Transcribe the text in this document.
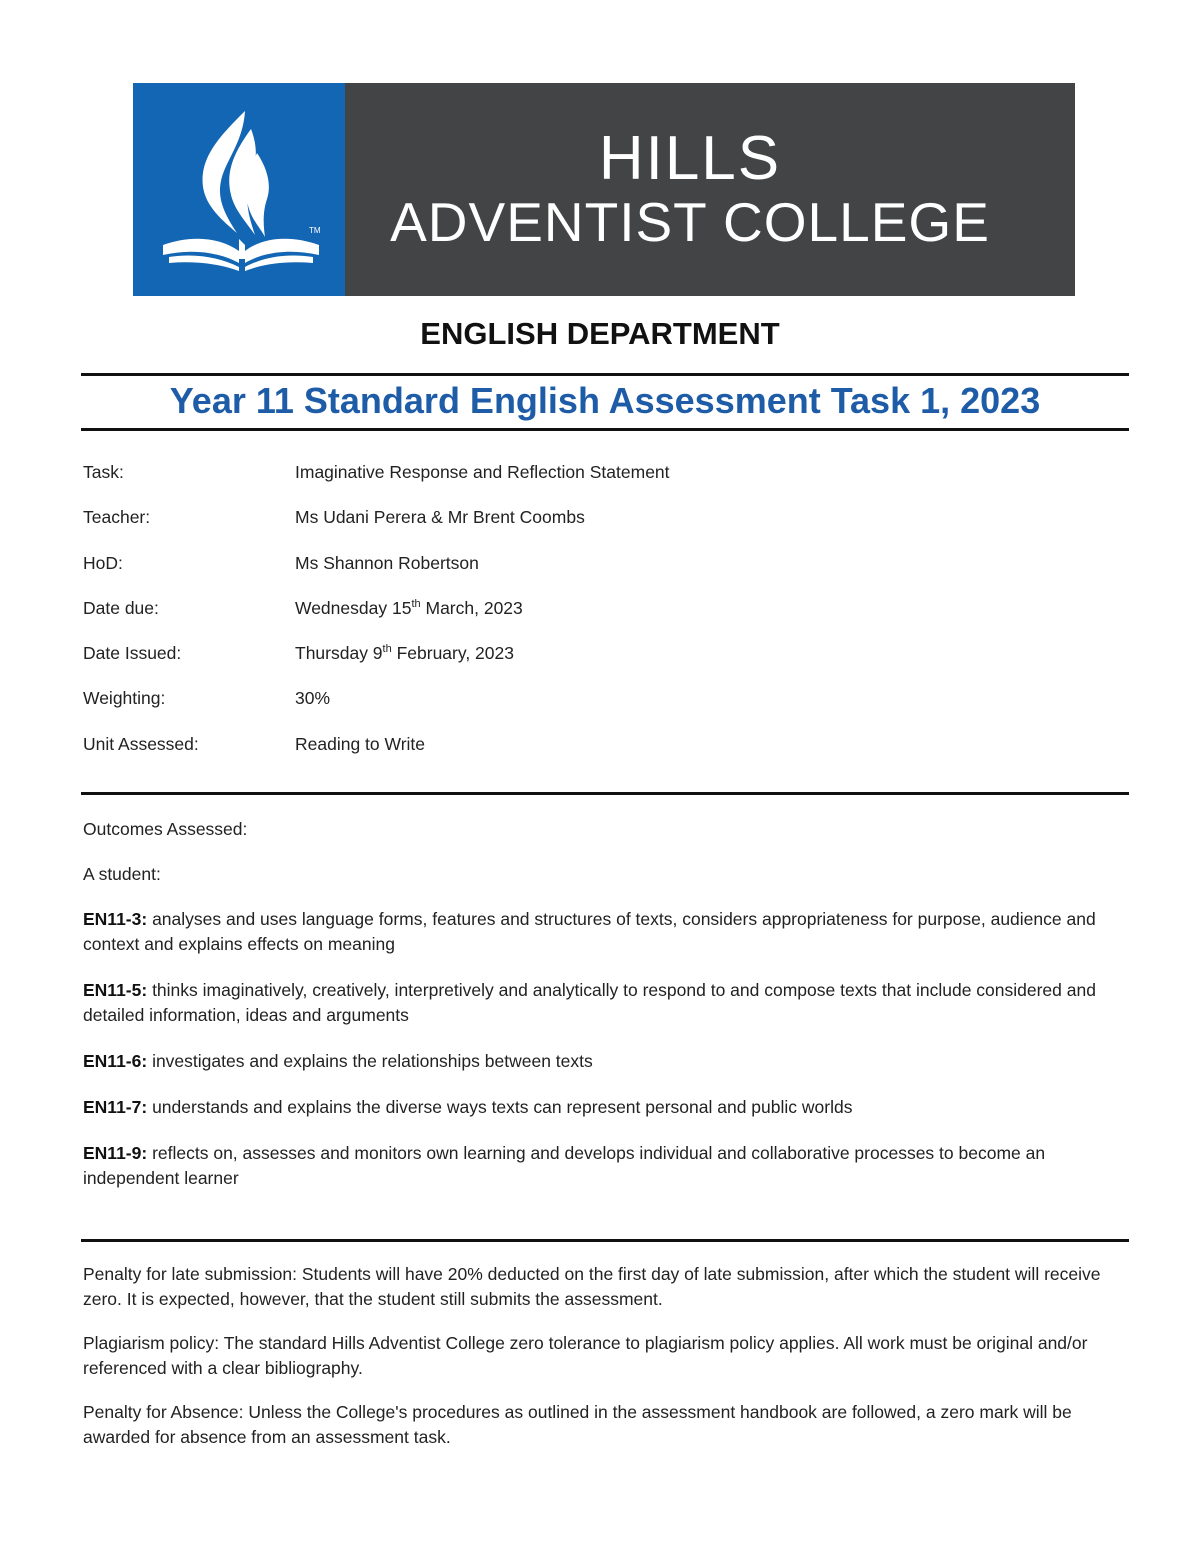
TM
HILLS
ADVENTIST COLLEGE
ENGLISH DEPARTMENT
Year 11 Standard English Assessment Task 1, 2023
Task:	Imaginative Response and Reflection Statement
Teacher:	Ms Udani Perera & Mr Brent Coombs
HoD:	Ms Shannon Robertson
Date due:	Wednesday 15th March, 2023
Date Issued:	Thursday 9th February, 2023
Weighting:	30%
Unit Assessed:	Reading to Write

Outcomes Assessed:

A student:

EN11-3: analyses and uses language forms, features and structures of texts, considers appropriateness for purpose, audience and context and explains effects on meaning

EN11-5: thinks imaginatively, creatively, interpretively and analytically to respond to and compose texts that include considered and detailed information, ideas and arguments

EN11-6: investigates and explains the relationships between texts

EN11-7: understands and explains the diverse ways texts can represent personal and public worlds

EN11-9: reflects on, assesses and monitors own learning and develops individual and collaborative processes to become an independent learner

Penalty for late submission: Students will have 20% deducted on the first day of late submission, after which the student will receive zero. It is expected, however, that the student still submits the assessment.

Plagiarism policy: The standard Hills Adventist College zero tolerance to plagiarism policy applies. All work must be original and/or referenced with a clear bibliography.

Penalty for Absence: Unless the College's procedures as outlined in the assessment handbook are followed, a zero mark will be awarded for absence from an assessment task.
